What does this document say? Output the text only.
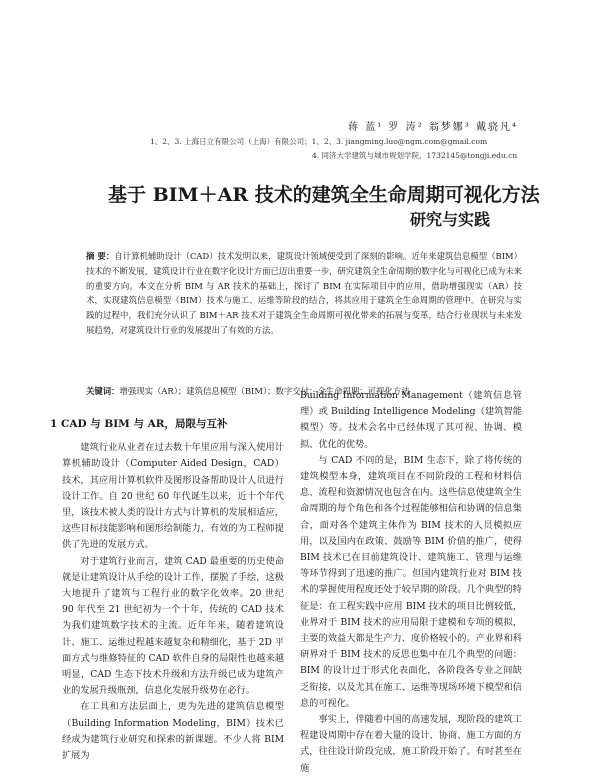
蒋 蓝¹ 罗 涛² 翁梦娜³ 戴骁凡⁴
1、2、3. 上海日立有限公司（上海）有限公司；1、2、3. jiangming.luo@ngm.com@gmail.com
4. 同济大学建筑与城市规划学院，1732145@tongji.edu.cn
基于 BIM＋AR 技术的建筑全生命周期可视化方法
研究与实践
摘 要：自计算机辅助设计（CAD）技术发明以来，建筑设计领域便受到了深刻的影响。近年来建筑信息模型（BIM）技术的不断发展，建筑设计行业在数字化设计方面已迈出重要一步，研究建筑全生命周期的数字化与可视化已成为未来的重要方向。本文在分析 BIM 与 AR 技术的基础上，探讨了 BIM 在实际项目中的应用，借助增强现实（AR）技术，实现建筑信息模型（BIM）技术与施工、运维等阶段的结合，将其应用于建筑全生命周期的管理中。在研究与实践的过程中，我们充分认识了 BIM＋AR 技术对于建筑全生命周期可视化带来的拓展与变革，结合行业现状与未来发展趋势，对建筑设计行业的发展提出了有效的方法。
关键词：增强现实（AR）；建筑信息模型（BIM）；数字交付；全生命周期；可视化方法
1 CAD 与 BIM 与 AR，局限与互补

建筑行业从业者在过去数十年里应用与深入使用计算机辅助设计（Computer Aided Design，CAD）技术，其应用计算机软件及图形设备帮助设计人员进行设计工作。自 20 世纪 60 年代诞生以来，近十个年代里，该技术被人类的设计方式与计算机的发展相适应，这些目标技能影响和图形绘制能力，有效的为工程师提供了先进的发展方式。

对于建筑行业而言，建筑 CAD 最重要的历史使命就是让建筑设计从手绘的设计工作，摆脱了手绘，这极大地提升了建筑与工程行业的数字化效率。20 世纪 90 年代至 21 世纪初为一个十年，传统的 CAD 技术为我们建筑数字技术的主流。近年年来，随着建筑设计、施工、运维过程越来越复杂和精细化，基于 2D 平面方式与维修特征的 CAD 软件自身的局限性也越来越明显，CAD 生态下技术升级和方法升级已成为建筑产业的发展升级瓶颈，信息化发展升级势在必行。

在工具和方法层面上，更为先进的建筑信息模型（Building Information Modeling，BIM）技术已经成为建筑行业研究和探索的新课题。不少人将 BIM 扩展为

Building Information Management（建筑信息管理）或 Building Intelligence Modeling（建筑智能模型）等。技术会名中已经体现了其可视、协调、模拟、优化的优势。

与 CAD 不同的是，BIM 生态下，除了将传统的建筑模型本身，建筑项目在不同阶段的工程和材料信息、流程和资源情况也包含在内。这些信息使建筑全生命周期的每个角色和各个过程能够相信和协调的信息集合，面对各个建筑主体作为 BIM 技术的人员模拟应用，以及国内在政策、鼓励等 BIM 价值的推广，使得 BIM 技术已在目前建筑设计、建筑施工、管理与运维等环节得到了迅速的推广。但国内建筑行业对 BIM 技术的掌握使用程度还处于较早期的阶段。几个典型的特征是：在工程实践中应用 BIM 技术的项目比例较低，业界对于 BIM 技术的应用局限于建模和专项的模拟，主要的效益大都是生产力、度价格较小的。产业界和科研界对于 BIM 技术的反思也集中在几个典型的问题：BIM 的设计过于形式化表面化，各阶段各专业之间缺乏衔接，以及尤其在施工、运维等现场环境下模型和信息的可视化。

事实上，伴随着中国的高速发展，现阶段的建筑工程建设周期中存在着大量的设计、协商、施工方面的方式，往往设计阶段完成，施工阶段开始了。有时甚至在施
